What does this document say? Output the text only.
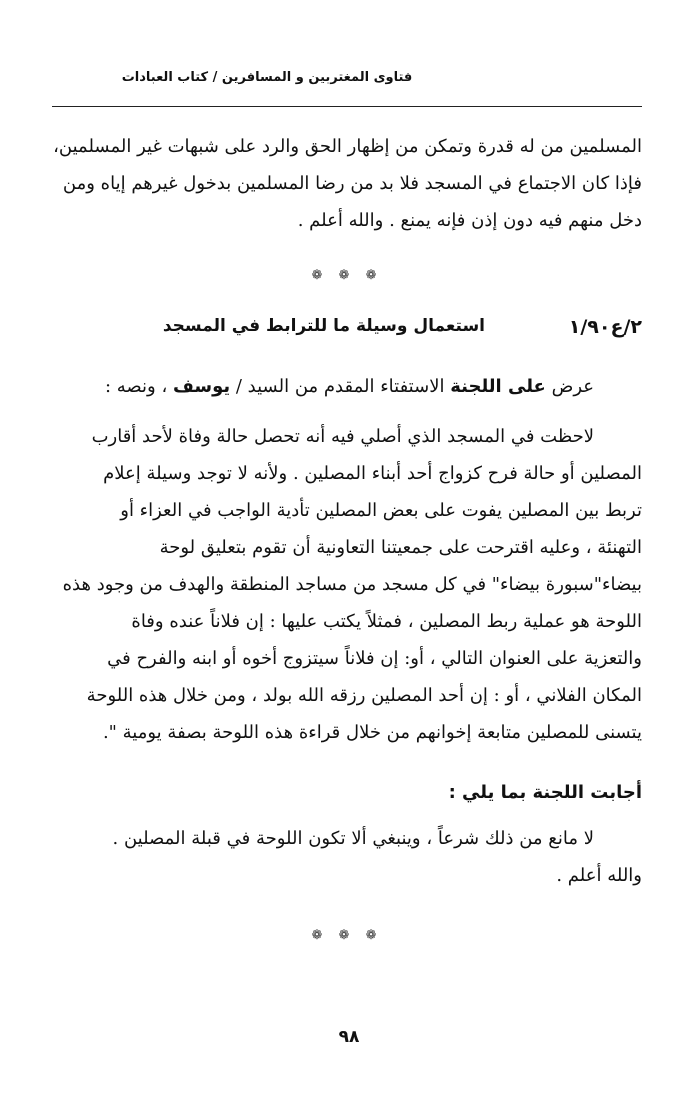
فتاوى المغتربين و المسافرين / كتاب العبادات

المسلمين من له قدرة وتمكن من إظهار الحق والرد على شبهات غير المسلمين،

فإذا كان الاجتماع في المسجد فلا بد من رضا المسلمين بدخول غيرهم إياه ومن

دخل منهم فيه دون إذن فإنه يمنع . والله أعلم .

❁ ❁ ❁
٢/ع١/٩٠
استعمال وسيلة ما للترابط في المسجد

عرض على اللجنة الاستفتاء المقدم من السيد / يوسف ، ونصه :

لاحظت في المسجد الذي أصلي فيه أنه تحصل حالة وفاة لأحد أقارب

المصلين أو حالة فرح كزواج أحد أبناء المصلين . ولأنه لا توجد وسيلة إعلام

تربط بين المصلين يفوت على بعض المصلين تأدية الواجب في العزاء أو

التهنئة ، وعليه اقترحت على جمعيتنا التعاونية أن تقوم بتعليق لوحة

بيضاء"سبورة بيضاء" في كل مسجد من مساجد المنطقة والهدف من وجود هذه

اللوحة هو عملية ربط المصلين ، فمثلاً يكتب عليها : إن فلاناً عنده وفاة

والتعزية على العنوان التالي ، أو: إن فلاناً سيتزوج أخوه أو ابنه والفرح في

المكان الفلاني ، أو : إن أحد المصلين رزقه الله بولد ، ومن خلال هذه اللوحة

يتسنى للمصلين متابعة إخوانهم من خلال قراءة هذه اللوحة بصفة يومية ".

أجابت اللجنة بما يلي :

لا مانع من ذلك شرعاً ، وينبغي ألا تكون اللوحة في قبلة المصلين .

والله أعلم .

❁ ❁ ❁
٩٨
